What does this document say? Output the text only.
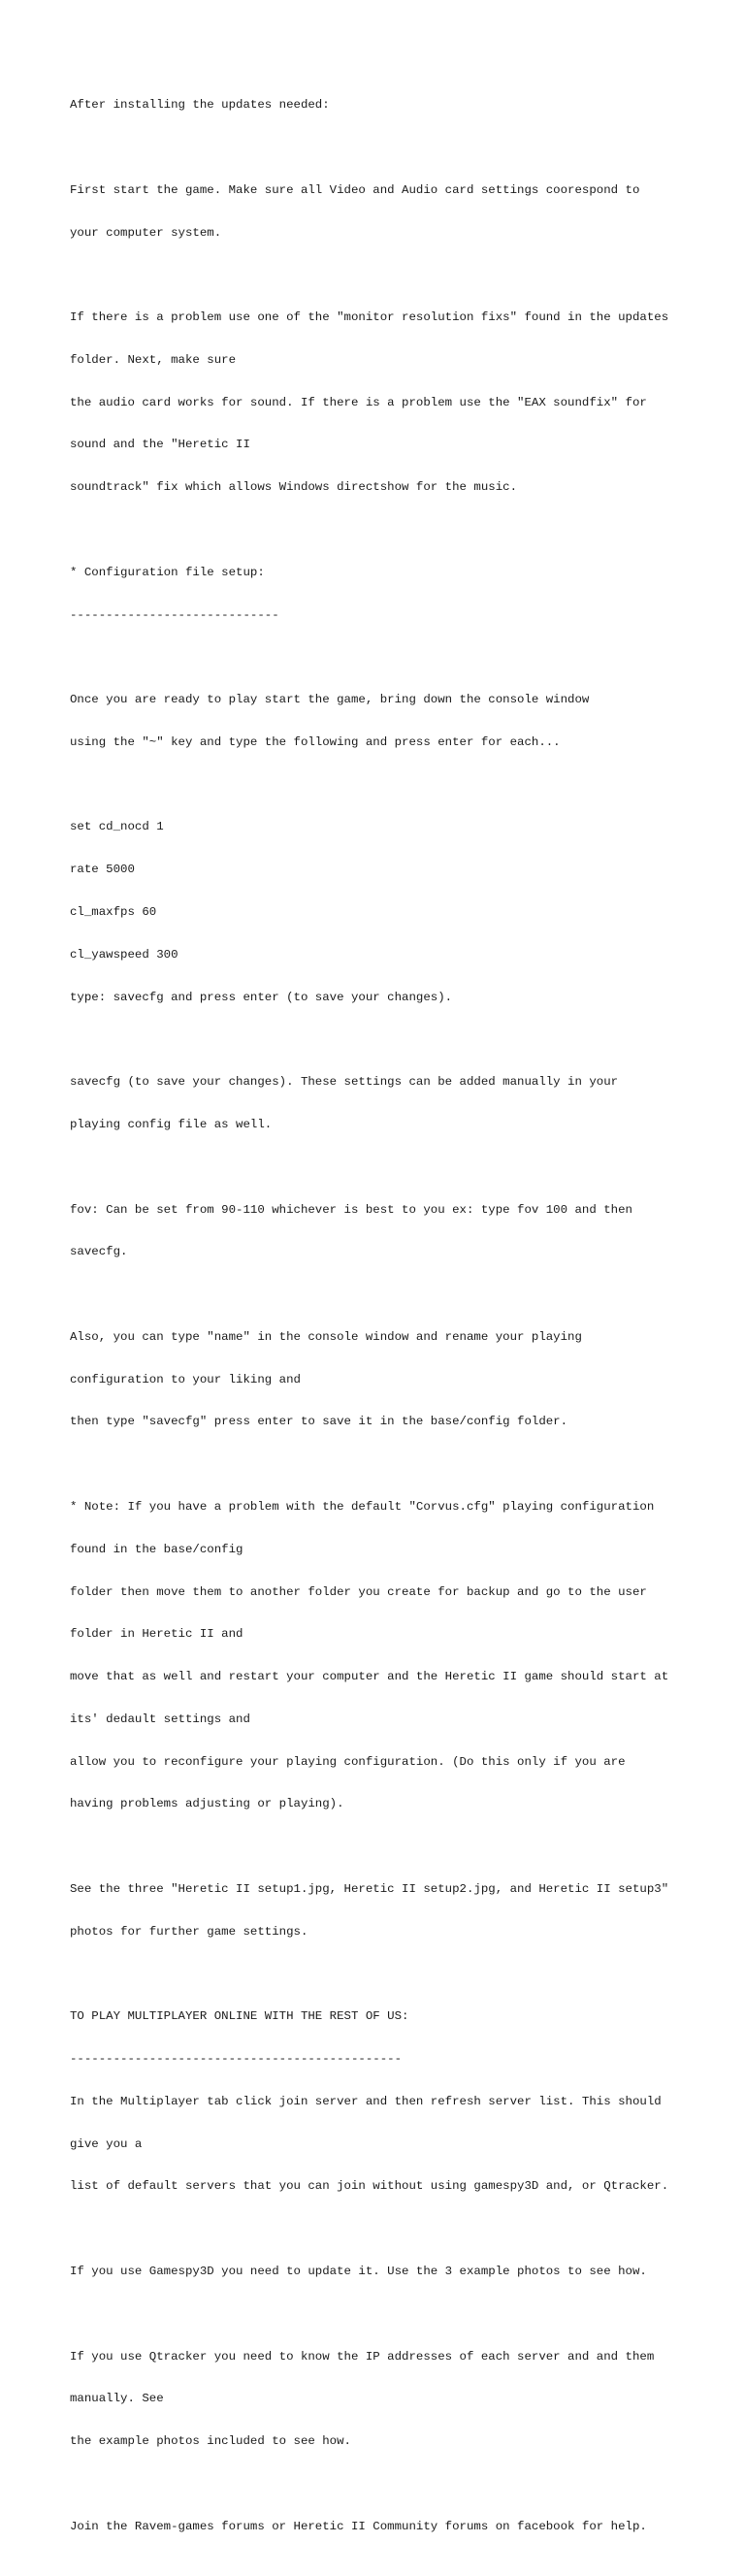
After installing the updates needed:

First start the game. Make sure all Video and Audio card settings coorespond to

your computer system.

If there is a problem use one of the "monitor resolution fixs" found in the updates

folder. Next, make sure

the audio card works for sound. If there is a problem use the "EAX soundfix" for

sound and the "Heretic II

soundtrack" fix which allows Windows directshow for the music.

* Configuration file setup:

-----------------------------

Once you are ready to play start the game, bring down the console window

using the "~" key and type the following and press enter for each...

set cd_nocd 1

rate 5000

cl_maxfps 60

cl_yawspeed 300

type: savecfg and press enter (to save your changes).

savecfg (to save your changes). These settings can be added manually in your

playing config file as well.

fov: Can be set from 90-110 whichever is best to you ex: type fov 100 and then

savecfg.

Also, you can type "name" in the console window and rename your playing

configuration to your liking and

then type "savecfg" press enter to save it in the base/config folder.

* Note: If you have a problem with the default "Corvus.cfg" playing configuration

found in the base/config

folder then move them to another folder you create for backup and go to the user

folder in Heretic II and

move that as well and restart your computer and the Heretic II game should start at

its' dedault settings and

allow you to reconfigure your playing configuration. (Do this only if you are

having problems adjusting or playing).

See the three "Heretic II setup1.jpg, Heretic II setup2.jpg, and Heretic II setup3"

photos for further game settings.

TO PLAY MULTIPLAYER ONLINE WITH THE REST OF US:

----------------------------------------------

In the Multiplayer tab click join server and then refresh server list. This should

give you a

list of default servers that you can join without using gamespy3D and, or Qtracker.

If you use Gamespy3D you need to update it. Use the 3 example photos to see how.

If you use Qtracker you need to know the IP addresses of each server and and them

manually. See

the example photos included to see how.

Join the Ravem-games forums or Heretic II Community forums on facebook for help.
